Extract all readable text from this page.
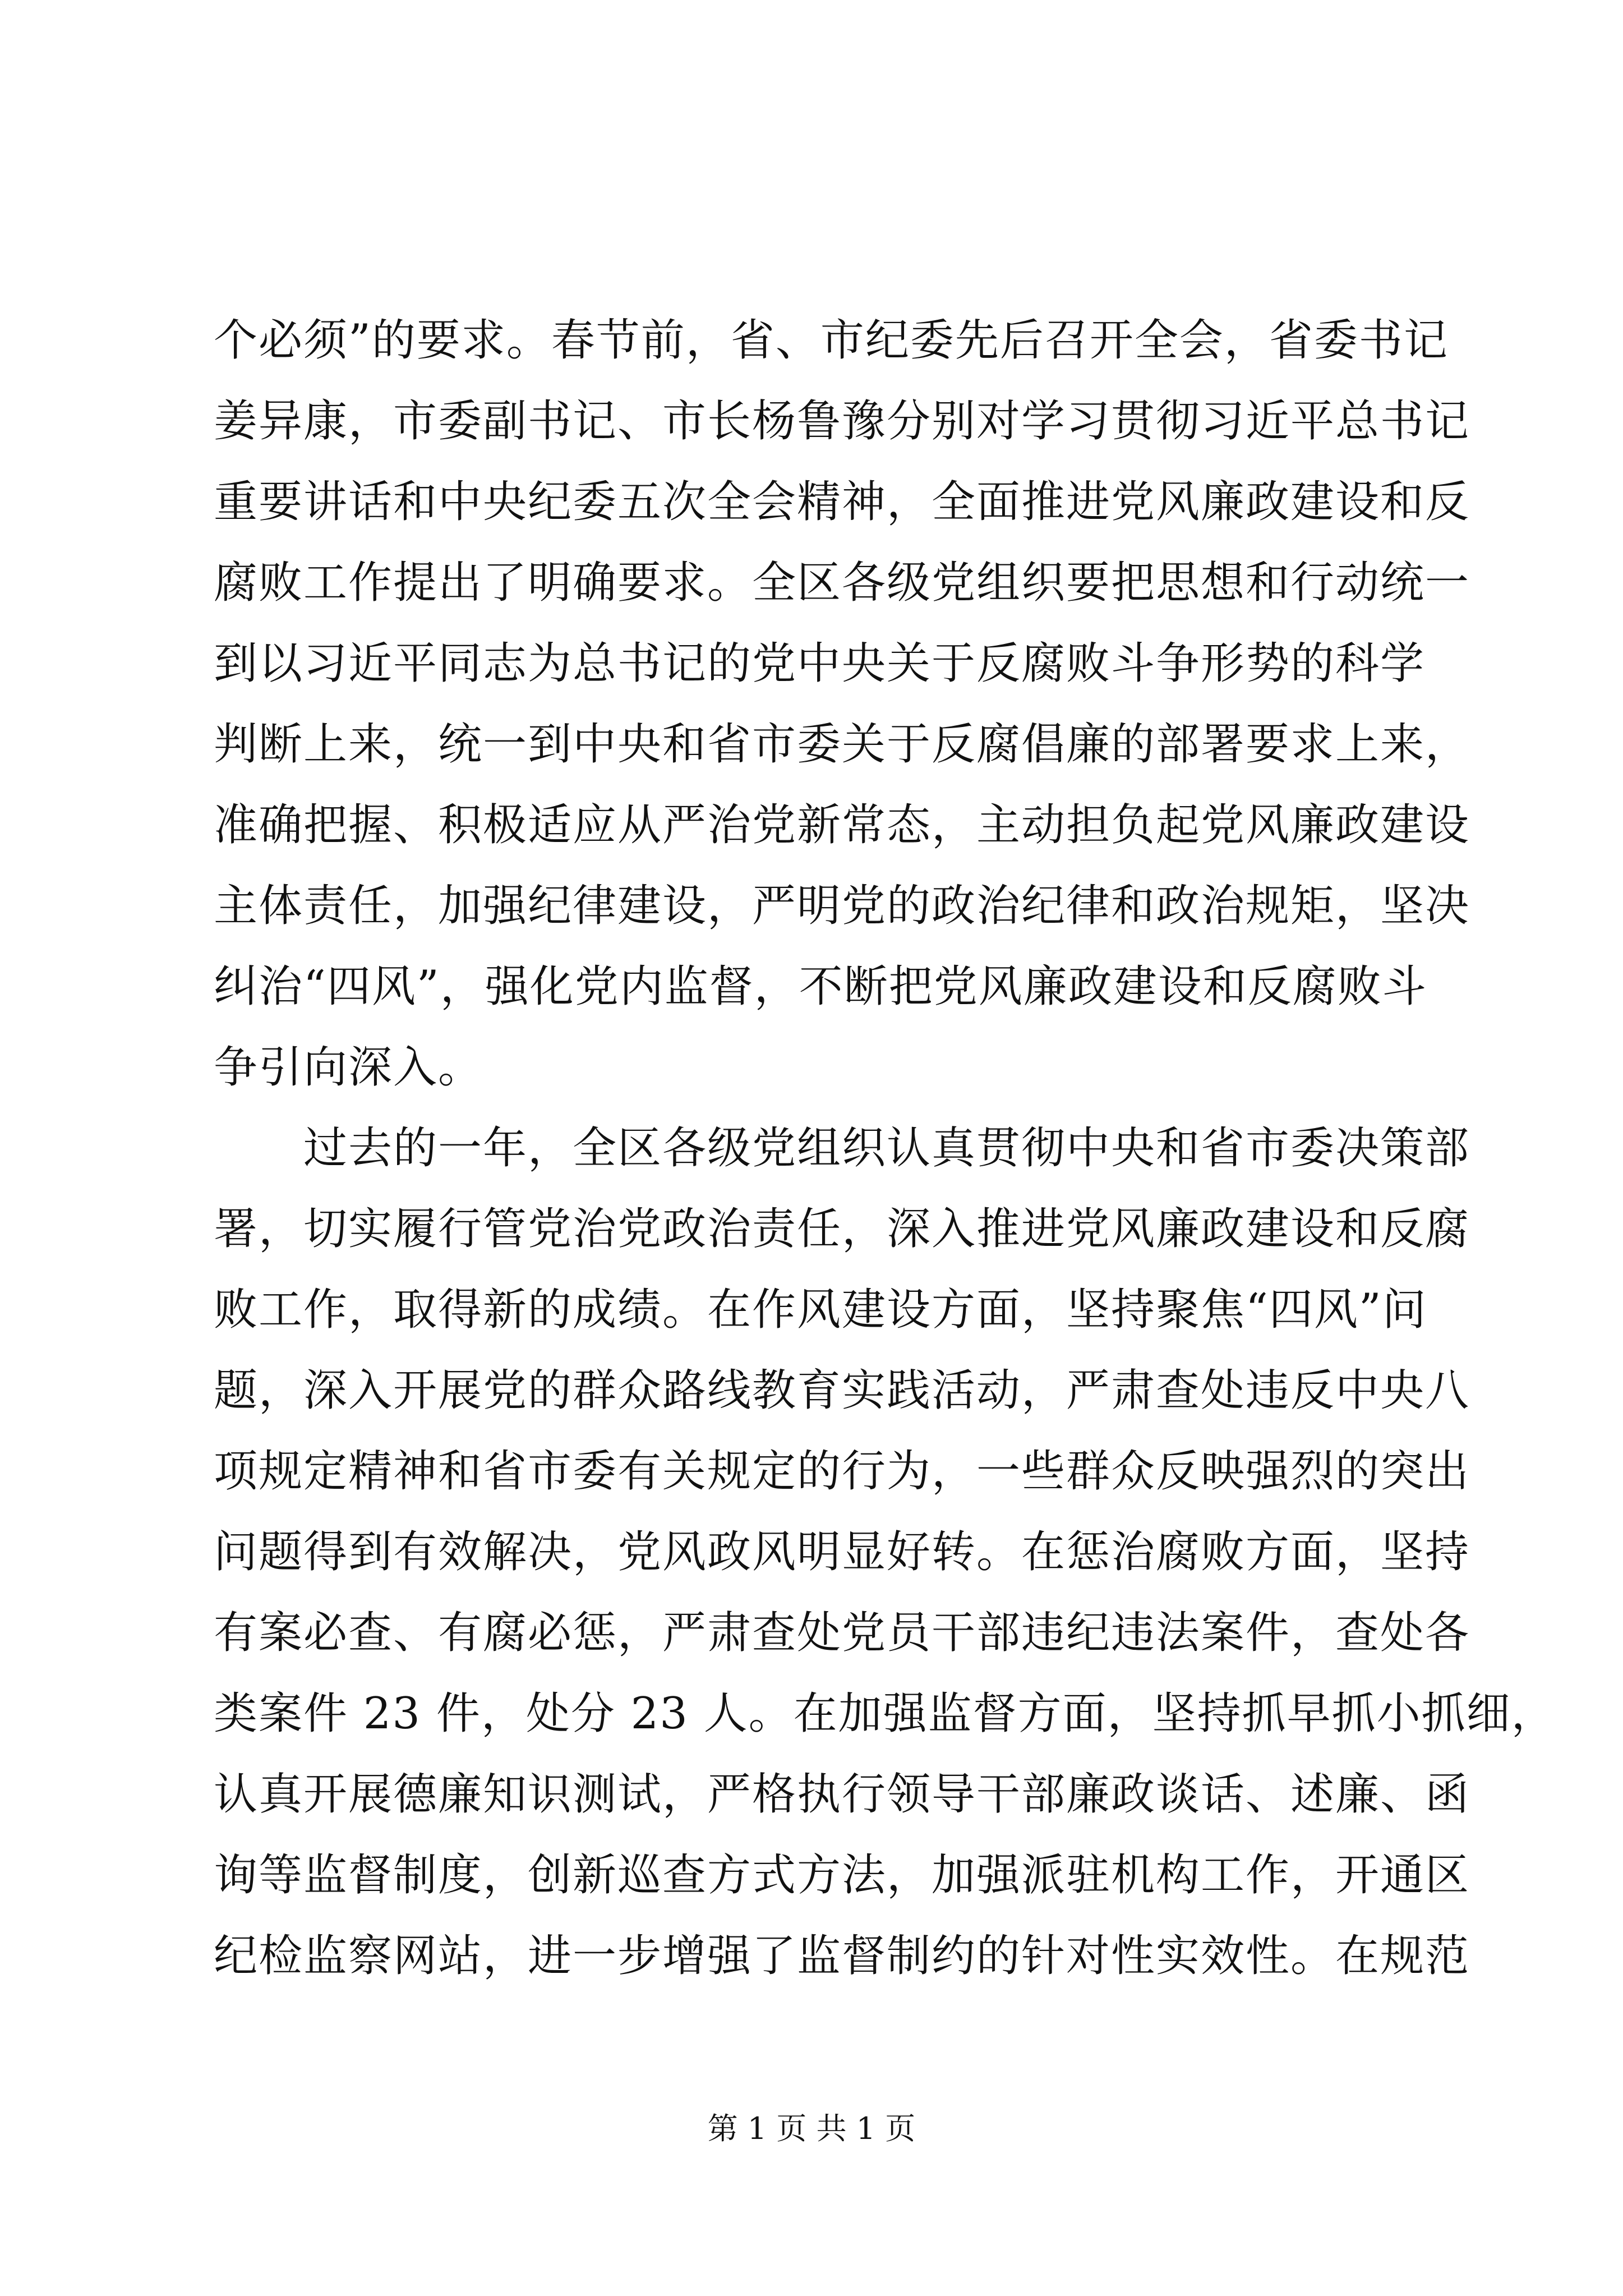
个必须”的要求。春节前，省、市纪委先后召开全会，省委书记
姜异康，市委副书记、市长杨鲁豫分别对学习贯彻习近平总书记
重要讲话和中央纪委五次全会精神，全面推进党风廉政建设和反
腐败工作提出了明确要求。全区各级党组织要把思想和行动统一
到以习近平同志为总书记的党中央关于反腐败斗争形势的科学
判断上来，统一到中央和省市委关于反腐倡廉的部署要求上来，
准确把握、积极适应从严治党新常态，主动担负起党风廉政建设
主体责任，加强纪律建设，严明党的政治纪律和政治规矩，坚决
纠治“四风”，强化党内监督，不断把党风廉政建设和反腐败斗
争引向深入。
过去的一年，全区各级党组织认真贯彻中央和省市委决策部
署，切实履行管党治党政治责任，深入推进党风廉政建设和反腐
败工作，取得新的成绩。在作风建设方面，坚持聚焦“四风”问
题，深入开展党的群众路线教育实践活动，严肃查处违反中央八
项规定精神和省市委有关规定的行为，一些群众反映强烈的突出
问题得到有效解决，党风政风明显好转。在惩治腐败方面，坚持
有案必查、有腐必惩，严肃查处党员干部违纪违法案件，查处各
类案件 23 件，处分 23 人。在加强监督方面，坚持抓早抓小抓细，
认真开展德廉知识测试，严格执行领导干部廉政谈话、述廉、函
询等监督制度，创新巡查方式方法，加强派驻机构工作，开通区
纪检监察网站，进一步增强了监督制约的针对性实效性。在规范
第 1 页 共 1 页
